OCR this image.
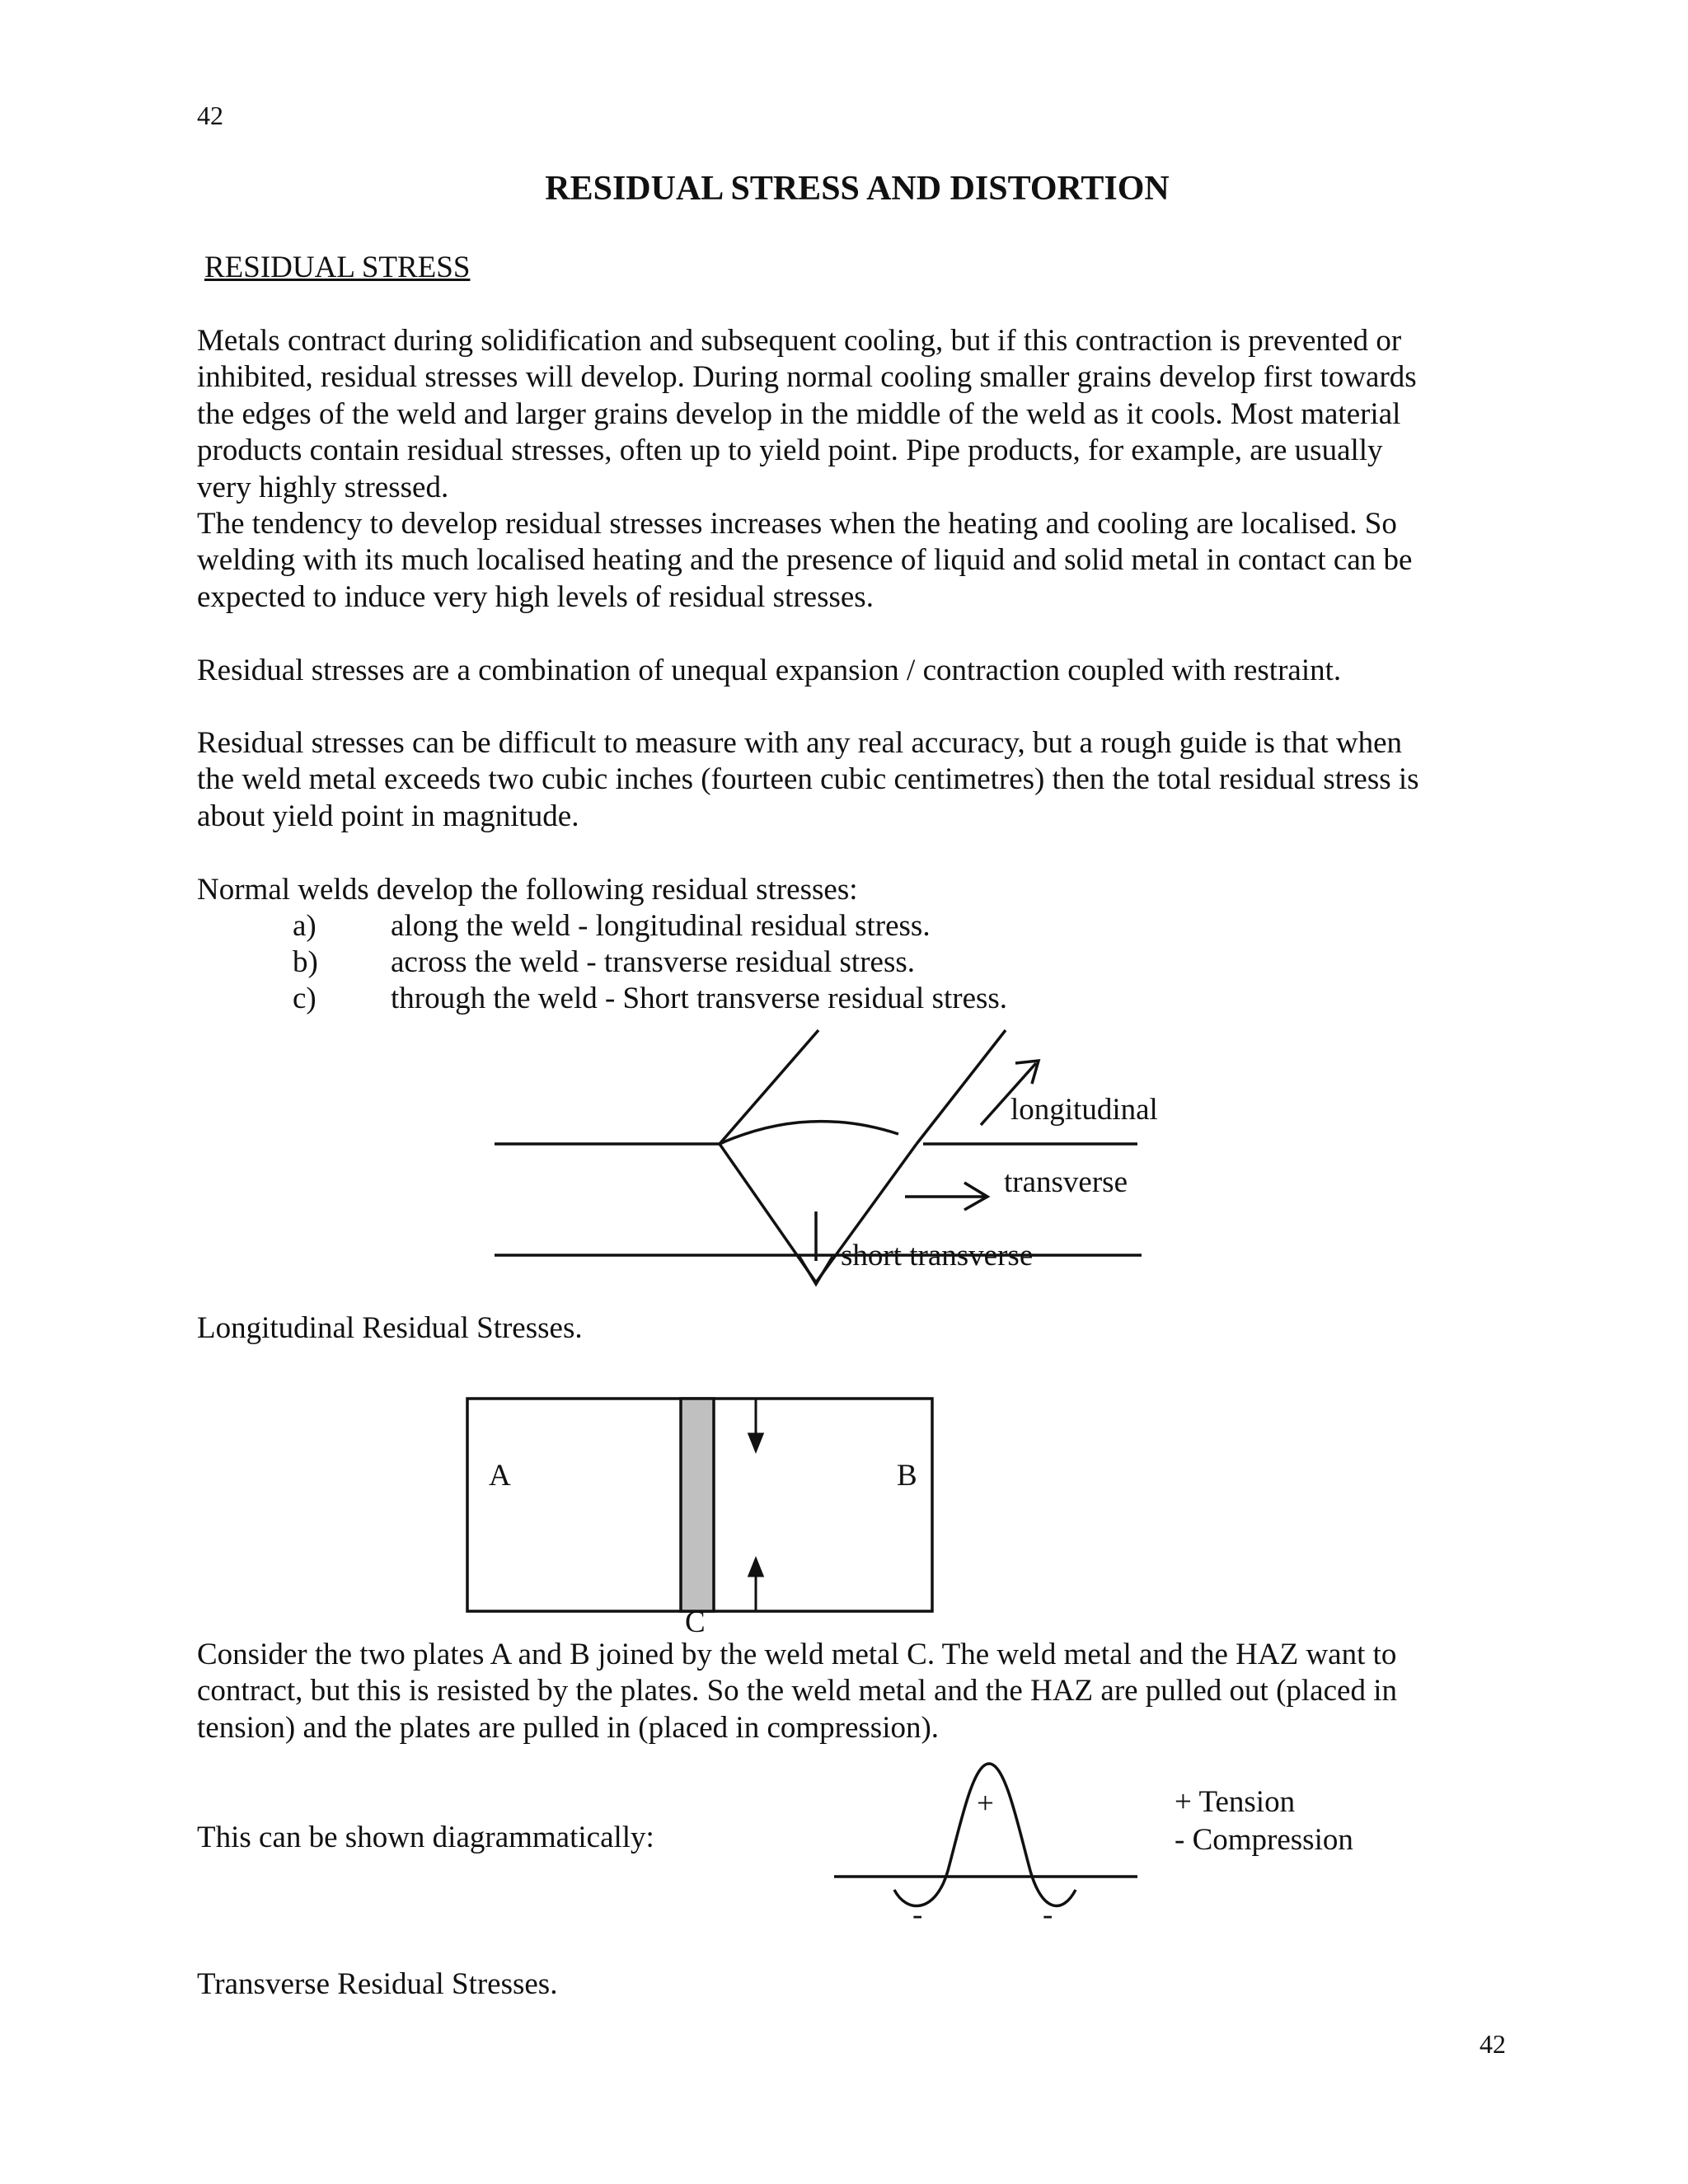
42
42
RESIDUAL STRESS AND DISTORTION
RESIDUAL STRESS

Metals contract during solidification and subsequent cooling, but if this contraction is prevented or

inhibited, residual stresses will develop. During normal cooling smaller grains develop first towards

the edges of the weld and larger grains develop in the middle of the weld as it cools. Most material

products contain residual stresses, often up to yield point. Pipe products, for example, are usually

very highly stressed.

The tendency to develop residual stresses increases when the heating and cooling are localised. So

welding with its much localised heating and the presence of liquid and solid metal in contact can be

expected to induce very high levels of residual stresses.

Residual stresses are a combination of unequal expansion / contraction coupled with restraint.

Residual stresses can be difficult to measure with any real accuracy, but a rough guide is that when

the weld metal exceeds two cubic inches (fourteen cubic centimetres) then the total residual stress is

about yield point in magnitude.

Normal welds develop the following residual stresses:
a) along the weld - longitudinal residual stress.
b) across the weld - transverse residual stress.
c) through the weld - Short transverse residual stress.
longitudinal
transverse
short transverse
Longitudinal Residual Stresses.
A	B
C

Consider the two plates A and B joined by the weld metal C. The weld metal and the HAZ want to

contract, but this is resisted by the plates. So the weld metal and the HAZ are pulled out (placed in

tension) and the plates are pulled in (placed in compression).

This can be shown diagrammatically:
+
-	-
+ Tension
- Compression
Transverse Residual Stresses.
